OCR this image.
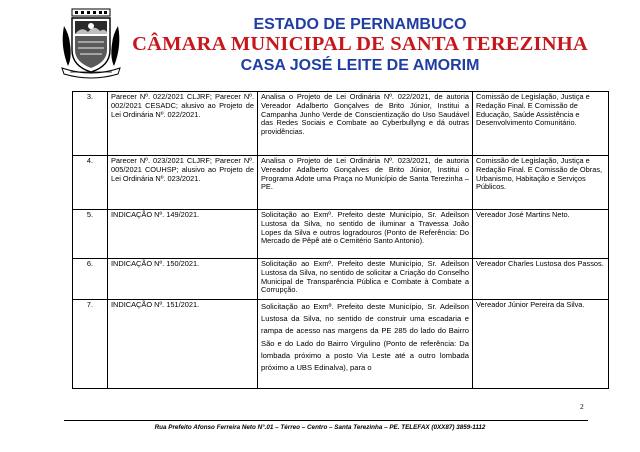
ESTADO DE PERNAMBUCO
CÂMARA MUNICIPAL DE SANTA TEREZINHA
CASA JOSÉ LEITE DE AMORIM
3.	Parecer Nº. 022/2021 CLJRF; Parecer Nº. 002/2021 CESADC; alusivo ao Projeto de Lei Ordinária Nº. 022/2021.	Analisa o Projeto de Lei Ordinária Nº. 022/2021, de autoria Vereador Adalberto Gonçalves de Brito Júnior, Institui a Campanha Junho Verde de Conscientização do Uso Saudável das Redes Sociais e Combate ao Cyberbullyng e dá outras providências.	Comissão de Legislação, Justiça e Redação Final. E Comissão de Educação, Saúde Assistência e Desenvolvimento Comunitário.
4.	Parecer Nº. 023/2021 CLJRF; Parecer Nº. 005/2021 COUHSP; alusivo ao Projeto de Lei Ordinária Nº. 023/2021.	Analisa o Projeto de Lei Ordinária Nº. 023/2021, de autoria Vereador Adalberto Gonçalves de Brito Júnior, Institui o Programa Adote uma Praça no Município de Santa Terezinha – PE.	Comissão de Legislação, Justiça e Redação Final. E Comissão de Obras, Urbanismo, Habitação e Serviços Públicos.
5.	INDICAÇÃO Nº. 149/2021.	Solicitação ao Exmº. Prefeito deste Município, Sr. Adeilson Lustosa da Silva, no sentido de iluminar a Travessa João Lopes da Silva e outros logradouros (Ponto de Referência: Do Mercado de Pêpê até o Cemitério Santo Antonio).	Vereador José Martins Neto.
6.	INDICAÇÃO Nº. 150/2021.	Solicitação ao Exmº. Prefeito deste Município, Sr. Adeilson Lustosa da Silva, no sentido de solicitar a Criação do Conselho Municipal de Transparência Pública e Combate à Combate a Corrupção.	Vereador Charles Lustosa dos Passos.
7.	INDICAÇÃO Nº. 151/2021.	Solicitação ao Exmº. Prefeito deste Município, Sr. Adeilson Lustosa da Silva, no sentido de construir uma escadaria e rampa de acesso nas margens da PE 285 do lado do Bairro São e do Lado do Bairro Virgulino (Ponto de referência: Da lombada próximo a posto Via Leste até a outro lombada próximo a UBS Edinalva), para o	Vereador Júnior Pereira da Silva.
2
Rua Prefeito Afonso Ferreira Neto N°.01 – Térreo – Centro – Santa Terezinha – PE. TELEFAX (0XX87) 3859-1112
